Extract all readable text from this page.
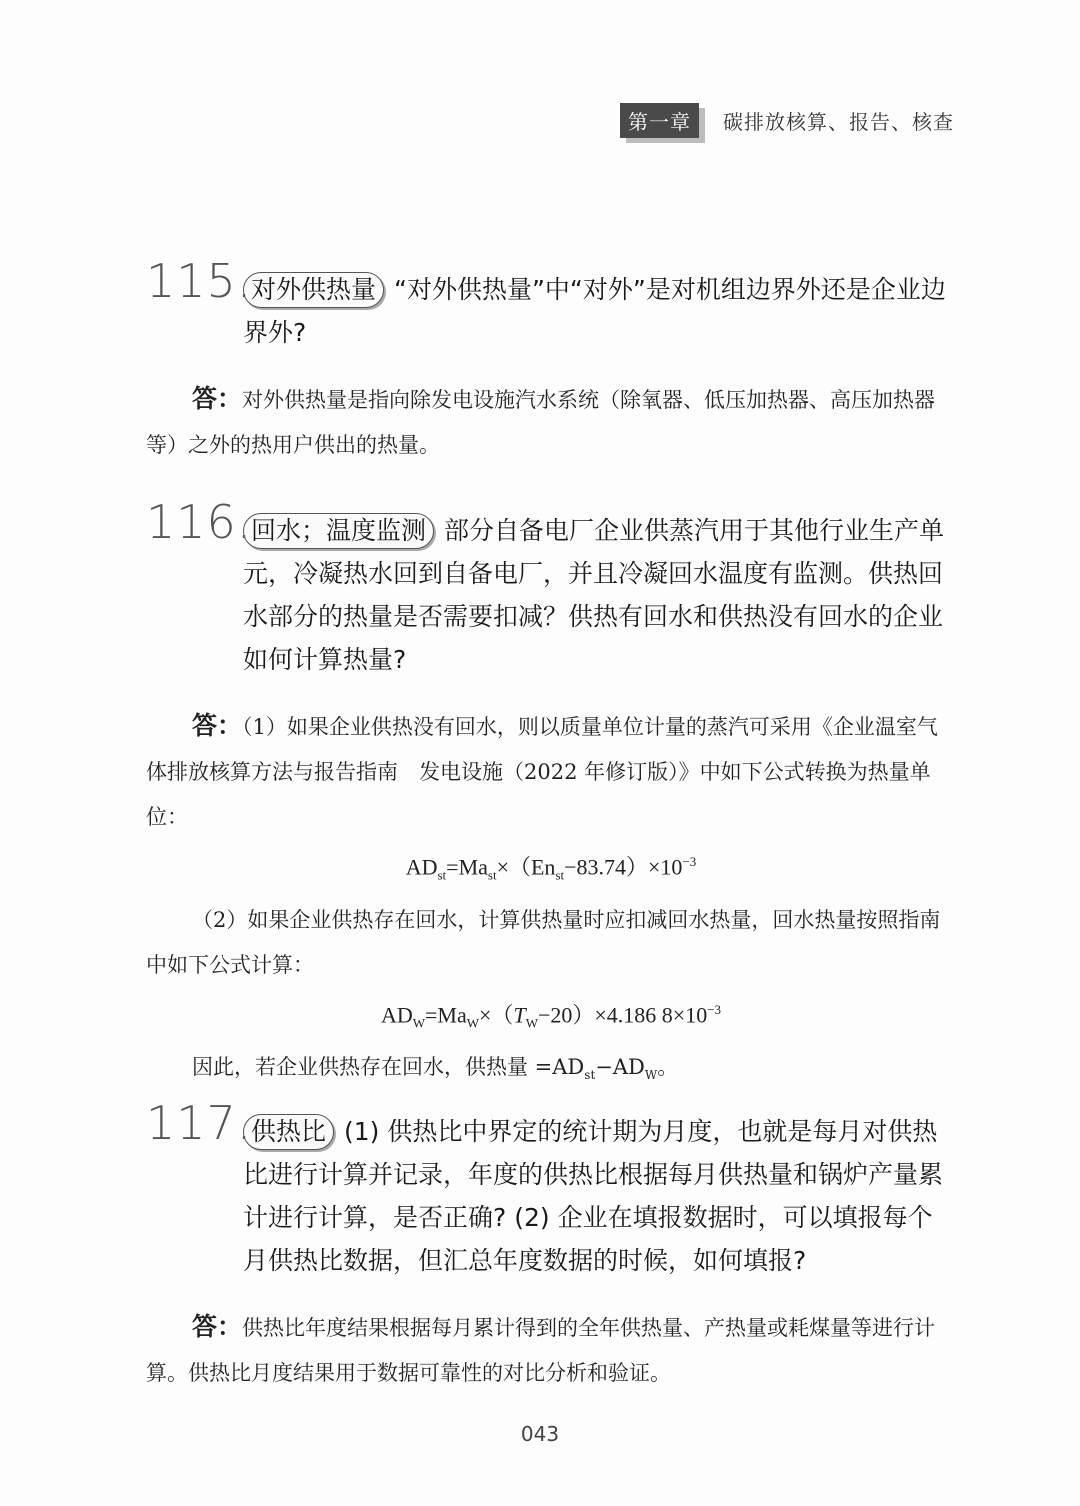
第一章	碳排放核算、报告、核查
115.
对外供热量 “对外供热量”中“对外”是对机组边界外还是企业边界外?

答：对外供热量是指向除发电设施汽水系统（除氧器、低压加热器、高压加热器等）之外的热用户供出的热量。

116.
回水；温度监测 部分自备电厂企业供蒸汽用于其他行业生产单元，冷凝热水回到自备电厂，并且冷凝回水温度有监测。供热回水部分的热量是否需要扣减？供热有回水和供热没有回水的企业如何计算热量?

答：（1）如果企业供热没有回水，则以质量单位计量的蒸汽可采用《企业温室气体排放核算方法与报告指南　发电设施（2022 年修订版）》中如下公式转换为热量单位：

$AD_{st}=Ma_{st}\times(En_{st}-83.74)\times 10^{-3}$

（2）如果企业供热存在回水，计算供热量时应扣减回水热量，回水热量按照指南中如下公式计算：

$AD_W=Ma_W\times(T_W-20)\times 4.186$ $8\times 10^{-3}$

因此，若企业供热存在回水，供热量 $=AD_{st}-AD_W$。

117.
供热比 (1) 供热比中界定的统计期为月度，也就是每月对供热比进行计算并记录，年度的供热比根据每月供热量和锅炉产量累计进行计算，是否正确? (2) 企业在填报数据时，可以填报每个月供热比数据，但汇总年度数据的时候，如何填报?

答：供热比年度结果根据每月累计得到的全年供热量、产热量或耗煤量等进行计算。供热比月度结果用于数据可靠性的对比分析和验证。

043
